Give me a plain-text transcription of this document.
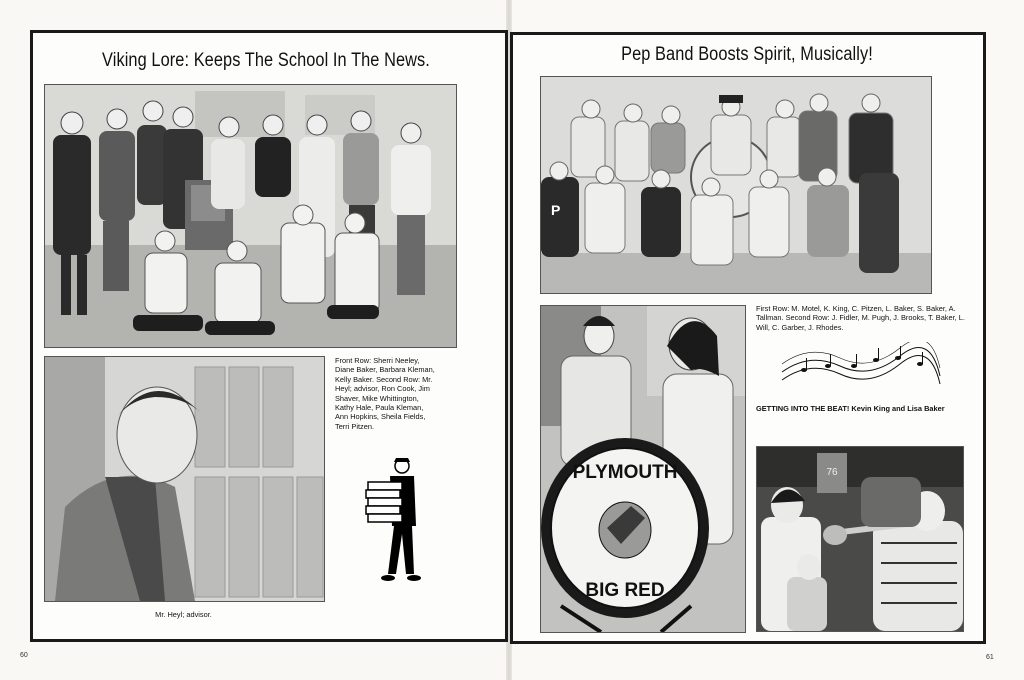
Viking Lore: Keeps The School In The News.
Front Row: Sherri Neeley, Diane Baker, Barbara Kleman, Kelly Baker. Second Row: Mr. Heyl; advisor, Ron Cook, Jim Shaver, Mike Whittington, Kathy Hale, Paula Kleman, Ann Hopkins, Sheila Fields, Terri Pitzen.
Mr. Heyl; advisor.
60
Pep Band Boosts Spirit, Musically!
P
PLYMOUTH
BIG RED
First Row: M. Motel, K. King, C. Pitzen, L. Baker, S. Baker, A. Tallman. Second Row: J. Fidler, M. Pugh, J. Brooks, T. Baker, L. Will, C. Garber, J. Rhodes.
GETTING INTO THE BEAT! Kevin King and Lisa Baker
76
61
